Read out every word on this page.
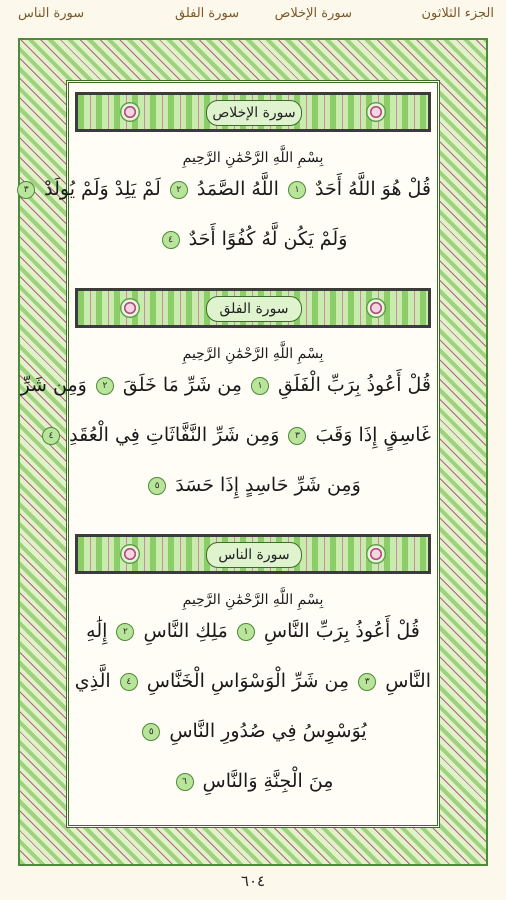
الجزء الثلاثون
سورة الإخلاص
سورة الفلق
سورة الناس
سورة الإخلاص
بِسْمِ اللَّهِ الرَّحْمَٰنِ الرَّحِيمِ
قُلْ هُوَ اللَّهُ أَحَدٌ ١ اللَّهُ الصَّمَدُ ٢ لَمْ يَلِدْ وَلَمْ يُولَدْ ٣
وَلَمْ يَكُن لَّهُ كُفُوًا أَحَدٌ ٤
سورة الفلق
بِسْمِ اللَّهِ الرَّحْمَٰنِ الرَّحِيمِ
قُلْ أَعُوذُ بِرَبِّ الْفَلَقِ ١ مِن شَرِّ مَا خَلَقَ ٢ وَمِن شَرِّ
غَاسِقٍ إِذَا وَقَبَ ٣ وَمِن شَرِّ النَّفَّاثَاتِ فِي الْعُقَدِ ٤
وَمِن شَرِّ حَاسِدٍ إِذَا حَسَدَ ٥
سورة الناس
بِسْمِ اللَّهِ الرَّحْمَٰنِ الرَّحِيمِ
قُلْ أَعُوذُ بِرَبِّ النَّاسِ ١ مَلِكِ النَّاسِ ٢ إِلَٰهِ
النَّاسِ ٣ مِن شَرِّ الْوَسْوَاسِ الْخَنَّاسِ ٤ الَّذِي
يُوَسْوِسُ فِي صُدُورِ النَّاسِ ٥
مِنَ الْجِنَّةِ وَالنَّاسِ ٦
٦٠٤
